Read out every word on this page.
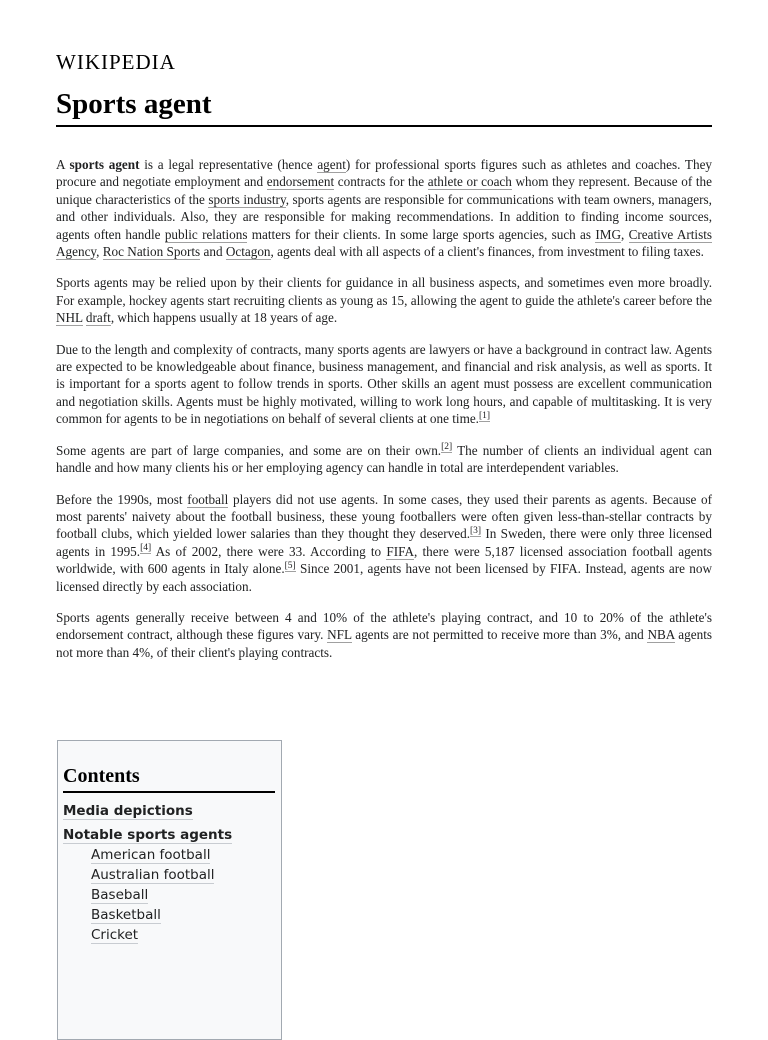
WIKIPEDIA
Sports agent

A sports agent is a legal representative (hence agent) for professional sports figures such as athletes and coaches. They procure and negotiate employment and endorsement contracts for the athlete or coach whom they represent. Because of the unique characteristics of the sports industry, sports agents are responsible for communications with team owners, managers, and other individuals. Also, they are responsible for making recommendations. In addition to finding income sources, agents often handle public relations matters for their clients. In some large sports agencies, such as IMG, Creative Artists Agency, Roc Nation Sports and Octagon, agents deal with all aspects of a client's finances, from investment to filing taxes.

Sports agents may be relied upon by their clients for guidance in all business aspects, and sometimes even more broadly. For example, hockey agents start recruiting clients as young as 15, allowing the agent to guide the athlete's career before the NHL draft, which happens usually at 18 years of age.

Due to the length and complexity of contracts, many sports agents are lawyers or have a background in contract law. Agents are expected to be knowledgeable about finance, business management, and financial and risk analysis, as well as sports. It is important for a sports agent to follow trends in sports. Other skills an agent must possess are excellent communication and negotiation skills. Agents must be highly motivated, willing to work long hours, and capable of multitasking. It is very common for agents to be in negotiations on behalf of several clients at one time.[1]

Some agents are part of large companies, and some are on their own.[2] The number of clients an individual agent can handle and how many clients his or her employing agency can handle in total are interdependent variables.

Before the 1990s, most football players did not use agents. In some cases, they used their parents as agents. Because of most parents' naivety about the football business, these young footballers were often given less-than-stellar contracts by football clubs, which yielded lower salaries than they thought they deserved.[3] In Sweden, there were only three licensed agents in 1995.[4] As of 2002, there were 33. According to FIFA, there were 5,187 licensed association football agents worldwide, with 600 agents in Italy alone.[5] Since 2001, agents have not been licensed by FIFA. Instead, agents are now licensed directly by each association.

Sports agents generally receive between 4 and 10% of the athlete's playing contract, and 10 to 20% of the athlete's endorsement contract, although these figures vary. NFL agents are not permitted to receive more than 3%, and NBA agents not more than 4%, of their client's playing contracts.

Contents
Media depictions
Notable sports agents
American football
Australian football
Baseball
Basketball
Cricket
